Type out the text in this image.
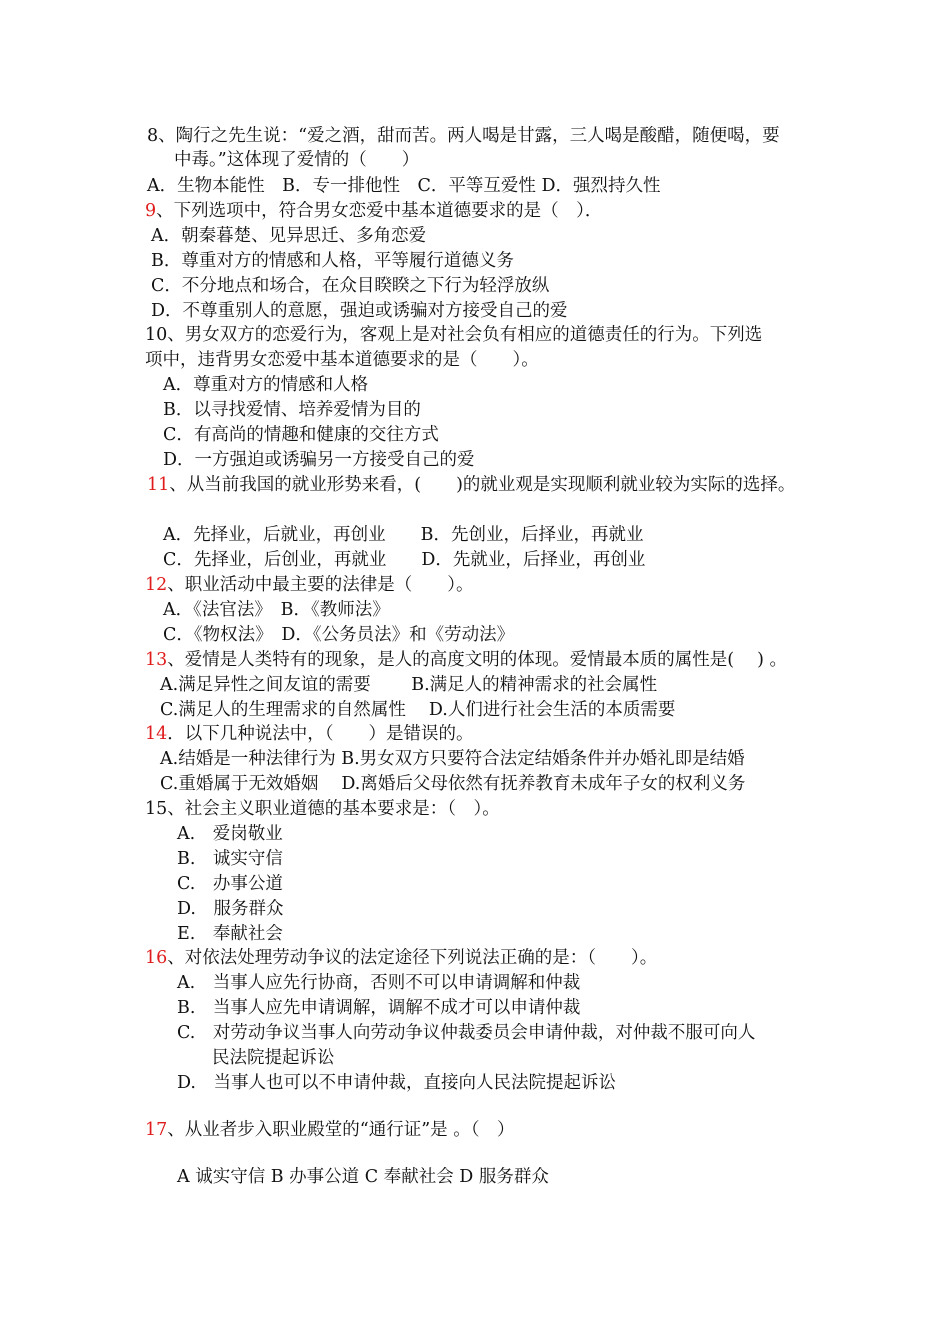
8、陶行之先生说：“爱之酒，甜而苦。两人喝是甘露，三人喝是酸醋，随便喝，要
中毒。”这体现了爱情的（　　）
A．生物本能性　B．专一排他性　C．平等互爱性 D．强烈持久性
9、下列选项中，符合男女恋爱中基本道德要求的是（　）．
A．朝秦暮楚、见异思迁、多角恋爱
B．尊重对方的情感和人格，平等履行道德义务
C．不分地点和场合，在众目睽睽之下行为轻浮放纵
D．不尊重别人的意愿，强迫或诱骗对方接受自己的爱
10、男女双方的恋爱行为，客观上是对社会负有相应的道德责任的行为。下列选
项中，违背男女恋爱中基本道德要求的是（　　）。
A．尊重对方的情感和人格
B．以寻找爱情、培养爱情为目的
C．有高尚的情趣和健康的交往方式
D．一方强迫或诱骗另一方接受自己的爱
11、从当前我国的就业形势来看，(　　)的就业观是实现顺利就业较为实际的选择。
A．先择业，后就业，再创业　　B．先创业，后择业，再就业
C．先择业，后创业，再就业　　D．先就业，后择业，再创业
12、职业活动中最主要的法律是（　　）。
A．《法官法》　B．《教师法》
C．《物权法》　D．《公务员法》和《劳动法》
13、爱情是人类特有的现象，是人的高度文明的体现。爱情最本质的属性是(　 ) 。
A.满足异性之间友谊的需要　　 B.满足人的精神需求的社会属性
C.满足人的生理需求的自然属性　 D.人们进行社会生活的本质需要
14．以下几种说法中，（　　）是错误的。
A.结婚是一种法律行为 B.男女双方只要符合法定结婚条件并办婚礼即是结婚
C.重婚属于无效婚姻　 D.离婚后父母依然有抚养教育未成年子女的权利义务
15、社会主义职业道德的基本要求是：（　）。
A.　爱岗敬业
B.　诚实守信
C.　办事公道
D.　服务群众
E.　奉献社会
16、对依法处理劳动争议的法定途径下列说法正确的是：（　　）。
A.　当事人应先行协商，否则不可以申请调解和仲裁
B.　当事人应先申请调解，调解不成才可以申请仲裁
C.　对劳动争议当事人向劳动争议仲裁委员会申请仲裁，对仲裁不服可向人
民法院提起诉讼
D.　当事人也可以不申请仲裁，直接向人民法院提起诉讼
17、从业者步入职业殿堂的“通行证”是 。（　）
A 诚实守信 B 办事公道 C 奉献社会 D 服务群众
